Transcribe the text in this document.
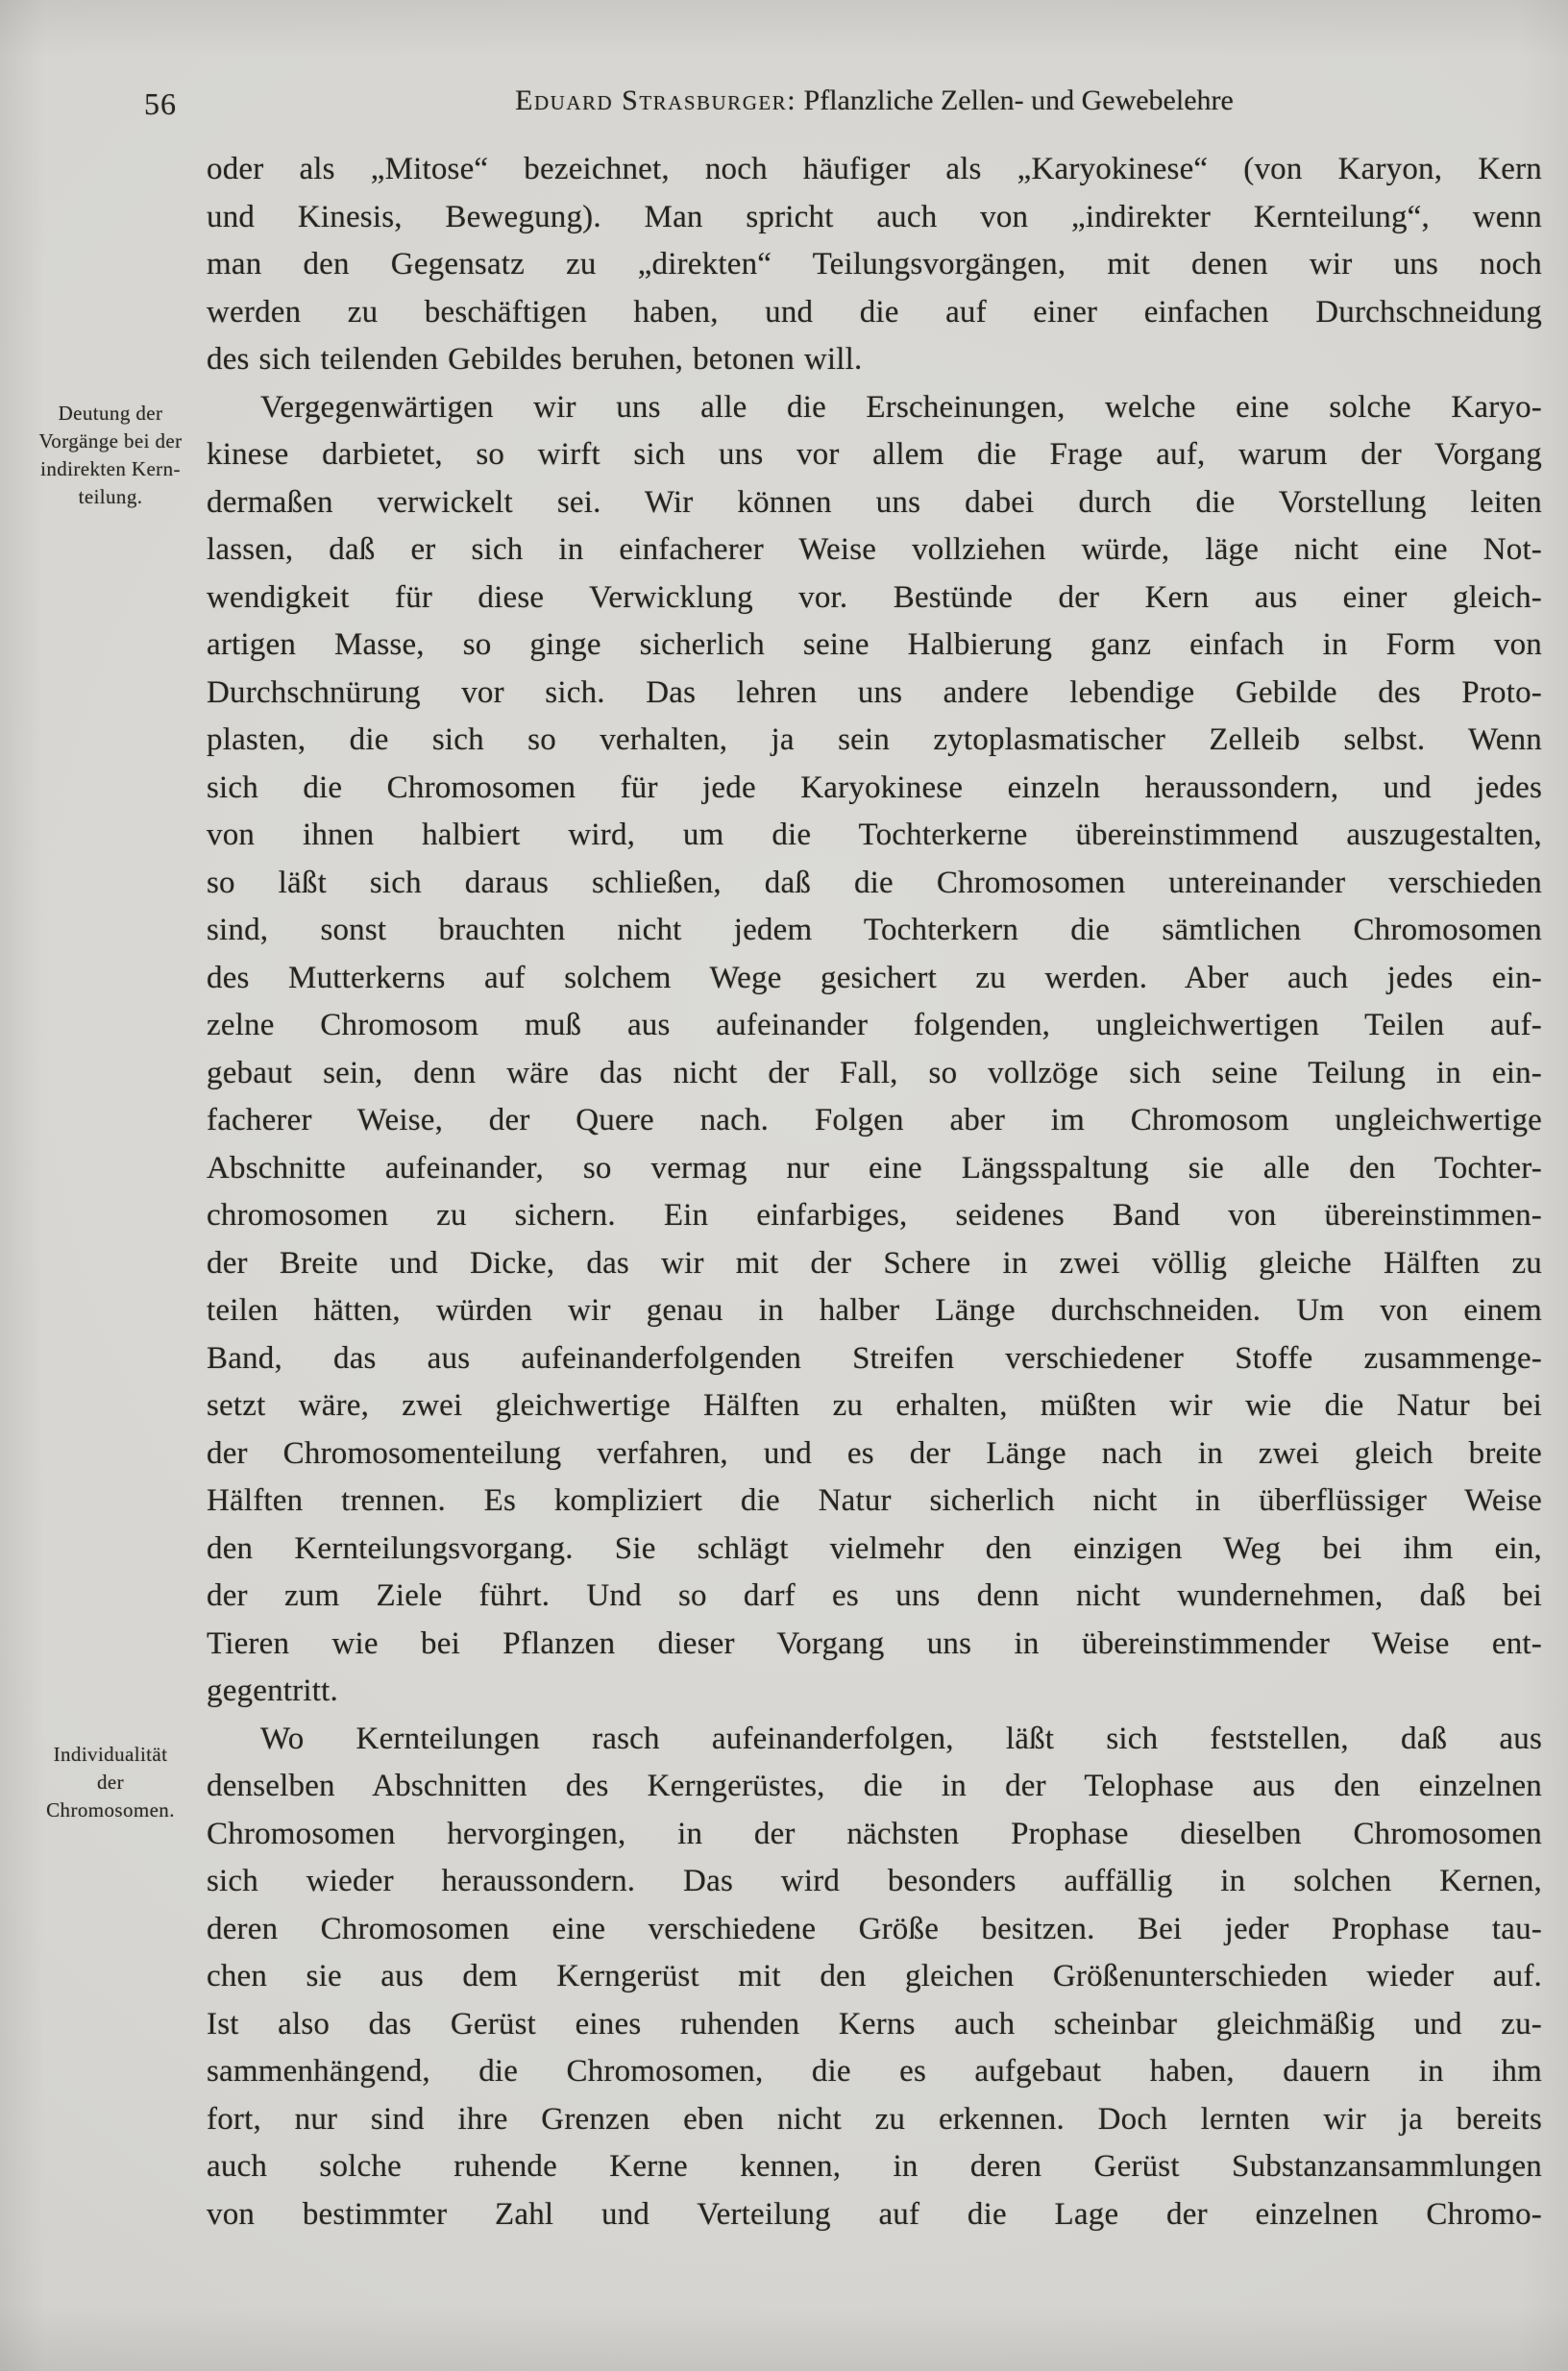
56	Eduard Strasburger: Pflanzliche Zellen- und Gewebelehre
Deutung der
Vorgänge bei der
indirekten Kern-
teilung.
Individualität
der
Chromosomen.
oder als „Mitose“ bezeichnet, noch häufiger als „Karyokinese“ (von Karyon, Kern
und Kinesis, Bewegung). Man spricht auch von „indirekter Kernteilung“, wenn
man den Gegensatz zu „direkten“ Teilungsvorgängen, mit denen wir uns noch
werden zu beschäftigen haben, und die auf einer einfachen Durchschneidung
des sich teilenden Gebildes beruhen, betonen will.
Vergegenwärtigen wir uns alle die Erscheinungen, welche eine solche Karyo-
kinese darbietet, so wirft sich uns vor allem die Frage auf, warum der Vorgang
dermaßen verwickelt sei. Wir können uns dabei durch die Vorstellung leiten
lassen, daß er sich in einfacherer Weise vollziehen würde, läge nicht eine Not-
wendigkeit für diese Verwicklung vor. Bestünde der Kern aus einer gleich-
artigen Masse, so ginge sicherlich seine Halbierung ganz einfach in Form von
Durchschnürung vor sich. Das lehren uns andere lebendige Gebilde des Proto-
plasten, die sich so verhalten, ja sein zytoplasmatischer Zelleib selbst. Wenn
sich die Chromosomen für jede Karyokinese einzeln heraussondern, und jedes
von ihnen halbiert wird, um die Tochterkerne übereinstimmend auszugestalten,
so läßt sich daraus schließen, daß die Chromosomen untereinander verschieden
sind, sonst brauchten nicht jedem Tochterkern die sämtlichen Chromosomen
des Mutterkerns auf solchem Wege gesichert zu werden. Aber auch jedes ein-
zelne Chromosom muß aus aufeinander folgenden, ungleichwertigen Teilen auf-
gebaut sein, denn wäre das nicht der Fall, so vollzöge sich seine Teilung in ein-
facherer Weise, der Quere nach. Folgen aber im Chromosom ungleichwertige
Abschnitte aufeinander, so vermag nur eine Längsspaltung sie alle den Tochter-
chromosomen zu sichern. Ein einfarbiges, seidenes Band von übereinstimmen-
der Breite und Dicke, das wir mit der Schere in zwei völlig gleiche Hälften zu
teilen hätten, würden wir genau in halber Länge durchschneiden. Um von einem
Band, das aus aufeinanderfolgenden Streifen verschiedener Stoffe zusammenge-
setzt wäre, zwei gleichwertige Hälften zu erhalten, müßten wir wie die Natur bei
der Chromosomenteilung verfahren, und es der Länge nach in zwei gleich breite
Hälften trennen. Es kompliziert die Natur sicherlich nicht in überflüssiger Weise
den Kernteilungsvorgang. Sie schlägt vielmehr den einzigen Weg bei ihm ein,
der zum Ziele führt. Und so darf es uns denn nicht wundernehmen, daß bei
Tieren wie bei Pflanzen dieser Vorgang uns in übereinstimmender Weise ent-
gegentritt.
Wo Kernteilungen rasch aufeinanderfolgen, läßt sich feststellen, daß aus
denselben Abschnitten des Kerngerüstes, die in der Telophase aus den einzelnen
Chromosomen hervorgingen, in der nächsten Prophase dieselben Chromosomen
sich wieder heraussondern. Das wird besonders auffällig in solchen Kernen,
deren Chromosomen eine verschiedene Größe besitzen. Bei jeder Prophase tau-
chen sie aus dem Kerngerüst mit den gleichen Größenunterschieden wieder auf.
Ist also das Gerüst eines ruhenden Kerns auch scheinbar gleichmäßig und zu-
sammenhängend, die Chromosomen, die es aufgebaut haben, dauern in ihm
fort, nur sind ihre Grenzen eben nicht zu erkennen. Doch lernten wir ja bereits
auch solche ruhende Kerne kennen, in deren Gerüst Substanzansammlungen
von bestimmter Zahl und Verteilung auf die Lage der einzelnen Chromo-
